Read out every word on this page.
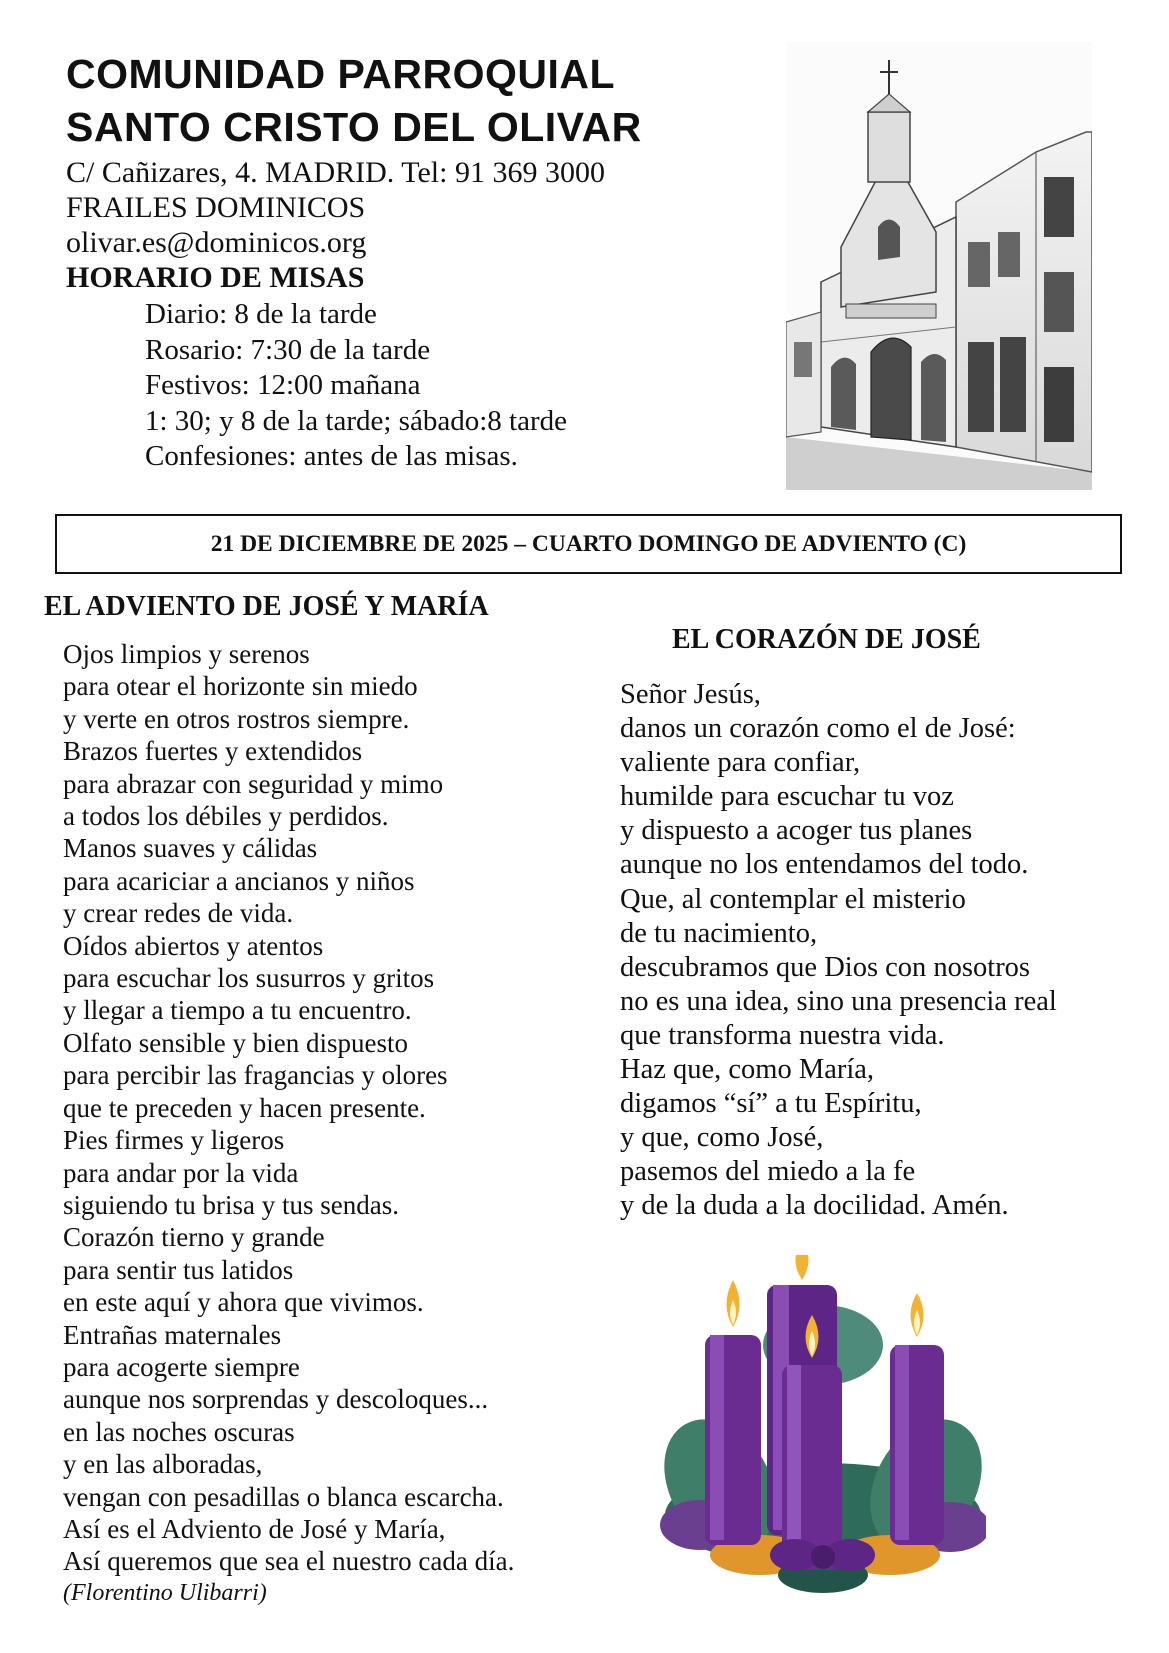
COMUNIDAD PARROQUIAL
SANTO CRISTO DEL OLIVAR
C/ Cañizares, 4. MADRID. Tel: 91 369 3000
FRAILES DOMINICOS
olivar.es@dominicos.org
HORARIO DE MISAS
Diario: 8 de la tarde
Rosario: 7:30 de la tarde
Festivos: 12:00 mañana
1: 30; y 8 de la tarde; sábado:8 tarde
Confesiones: antes de las misas.
21 DE DICIEMBRE DE 2025 – CUARTO DOMINGO DE ADVIENTO (C)
EL ADVIENTO DE JOSÉ Y MARÍA
Ojos limpios y serenos
para otear el horizonte sin miedo
y verte en otros rostros siempre.
Brazos fuertes y extendidos
para abrazar con seguridad y mimo
a todos los débiles y perdidos.
Manos suaves y cálidas
para acariciar a ancianos y niños
y crear redes de vida.
Oídos abiertos y atentos
para escuchar los susurros y gritos
y llegar a tiempo a tu encuentro.
Olfato sensible y bien dispuesto
para percibir las fragancias y olores
que te preceden y hacen presente.
Pies firmes y ligeros
para andar por la vida
siguiendo tu brisa y tus sendas.
Corazón tierno y grande
para sentir tus latidos
en este aquí y ahora que vivimos.
Entrañas maternales
para acogerte siempre
aunque nos sorprendas y descoloques...
en las noches oscuras
y en las alboradas,
vengan con pesadillas o blanca escarcha.
Así es el Adviento de José y María,
Así queremos que sea el nuestro cada día.
(Florentino Ulibarri)
EL CORAZÓN DE JOSÉ
Señor Jesús,
danos un corazón como el de José:
valiente para confiar,
humilde para escuchar tu voz
y dispuesto a acoger tus planes
aunque no los entendamos del todo.
Que, al contemplar el misterio
de tu nacimiento,
descubramos que Dios con nosotros
no es una idea, sino una presencia real
que transforma nuestra vida.
Haz que, como María,
digamos “sí” a tu Espíritu,
y que, como José,
pasemos del miedo a la fe
y de la duda a la docilidad. Amén.
